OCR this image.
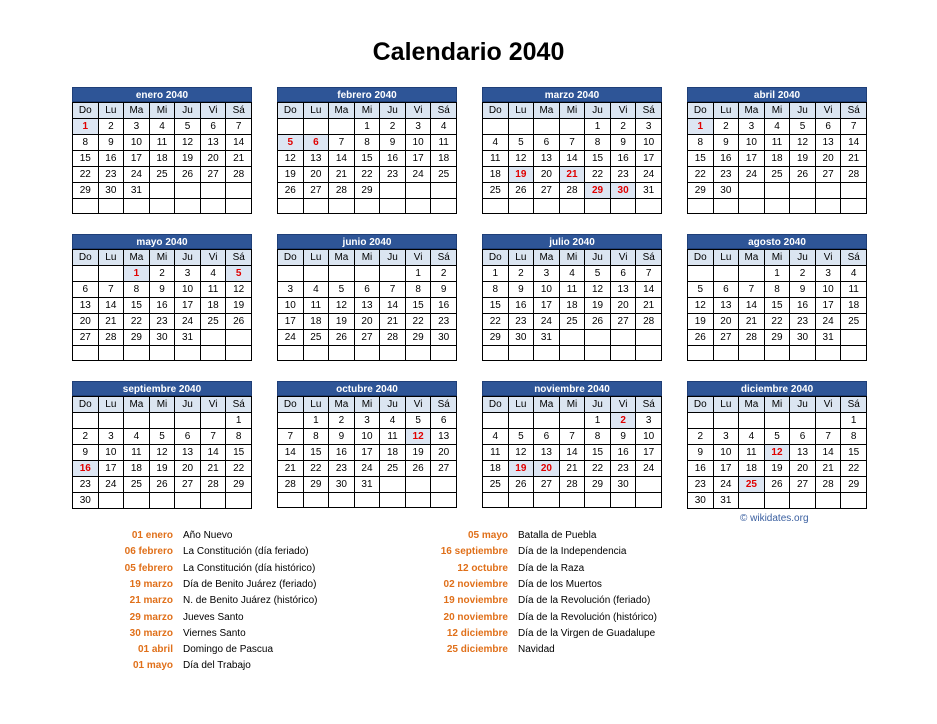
Calendario 2040
enero 2040
Do	Lu	Ma	Mi	Ju	Vi	Sá
1	2	3	4	5	6	7
8	9	10	11	12	13	14
15	16	17	18	19	20	21
22	23	24	25	26	27	28
29	30	31				

febrero 2040
Do	Lu	Ma	Mi	Ju	Vi	Sá
			1	2	3	4
5	6	7	8	9	10	11
12	13	14	15	16	17	18
19	20	21	22	23	24	25
26	27	28	29			

marzo 2040
Do	Lu	Ma	Mi	Ju	Vi	Sá
				1	2	3
4	5	6	7	8	9	10
11	12	13	14	15	16	17
18	19	20	21	22	23	24
25	26	27	28	29	30	31

abril 2040
Do	Lu	Ma	Mi	Ju	Vi	Sá
1	2	3	4	5	6	7
8	9	10	11	12	13	14
15	16	17	18	19	20	21
22	23	24	25	26	27	28
29	30					

mayo 2040
Do	Lu	Ma	Mi	Ju	Vi	Sá
		1	2	3	4	5
6	7	8	9	10	11	12
13	14	15	16	17	18	19
20	21	22	23	24	25	26
27	28	29	30	31		

junio 2040
Do	Lu	Ma	Mi	Ju	Vi	Sá
					1	2
3	4	5	6	7	8	9
10	11	12	13	14	15	16
17	18	19	20	21	22	23
24	25	26	27	28	29	30

julio 2040
Do	Lu	Ma	Mi	Ju	Vi	Sá
1	2	3	4	5	6	7
8	9	10	11	12	13	14
15	16	17	18	19	20	21
22	23	24	25	26	27	28
29	30	31				

agosto 2040
Do	Lu	Ma	Mi	Ju	Vi	Sá
			1	2	3	4
5	6	7	8	9	10	11
12	13	14	15	16	17	18
19	20	21	22	23	24	25
26	27	28	29	30	31	

septiembre 2040
Do	Lu	Ma	Mi	Ju	Vi	Sá
						1
2	3	4	5	6	7	8
9	10	11	12	13	14	15
16	17	18	19	20	21	22
23	24	25	26	27	28	29
30						
octubre 2040
Do	Lu	Ma	Mi	Ju	Vi	Sá
	1	2	3	4	5	6
7	8	9	10	11	12	13
14	15	16	17	18	19	20
21	22	23	24	25	26	27
28	29	30	31			

noviembre 2040
Do	Lu	Ma	Mi	Ju	Vi	Sá
				1	2	3
4	5	6	7	8	9	10
11	12	13	14	15	16	17
18	19	20	21	22	23	24
25	26	27	28	29	30	

diciembre 2040
Do	Lu	Ma	Mi	Ju	Vi	Sá
						1
2	3	4	5	6	7	8
9	10	11	12	13	14	15
16	17	18	19	20	21	22
23	24	25	26	27	28	29
30	31					
© wikidates.org
01 enero Año Nuevo
06 febrero La Constitución (día feriado)
05 febrero La Constitución (día histórico)
19 marzo Día de Benito Juárez (feriado)
21 marzo N. de Benito Juárez (histórico)
29 marzo Jueves Santo
30 marzo Viernes Santo
01 abril Domingo de Pascua
01 mayo Día del Trabajo
05 mayo Batalla de Puebla
16 septiembre Día de la Independencia
12 octubre Día de la Raza
02 noviembre Día de los Muertos
19 noviembre Día de la Revolución (feriado)
20 noviembre Día de la Revolución (histórico)
12 diciembre Día de la Virgen de Guadalupe
25 diciembre Navidad
